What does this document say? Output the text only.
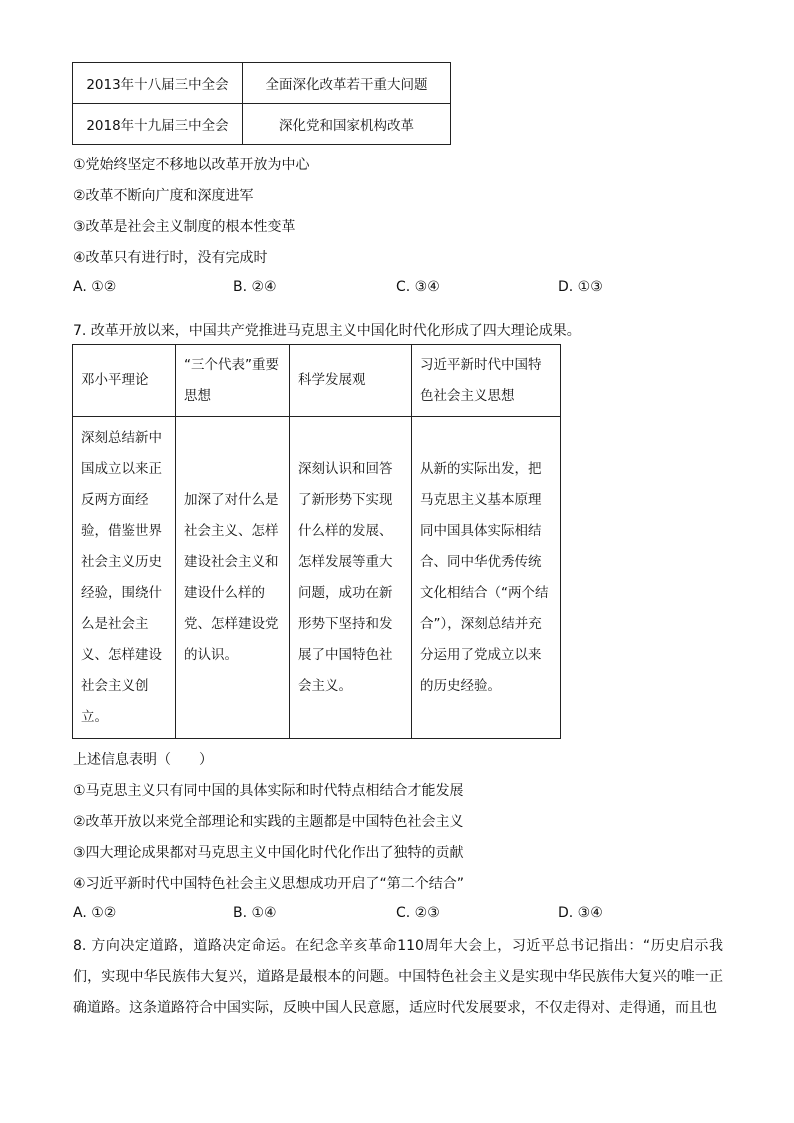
2013年十八届三中全会	全面深化改革若干重大问题
2018年十九届三中全会	深化党和国家机构改革
①党始终坚定不移地以改革开放为中心
②改革不断向广度和深度进军
③改革是社会主义制度的根本性变革
④改革只有进行时，没有完成时
A. ①②	B. ②④	C. ③④	D. ①③
7. 改革开放以来，中国共产党推进马克思主义中国化时代化形成了四大理论成果。
邓小平理论	“三个代表”重要思想	科学发展观	习近平新时代中国特色社会主义思想
深刻总结新中国成立以来正反两方面经验，借鉴世界社会主义历史经验，围绕什么是社会主义、怎样建设社会主义创立。	加深了对什么是社会主义、怎样建设社会主义和建设什么样的党、怎样建设党的认识。	深刻认识和回答了新形势下实现什么样的发展、怎样发展等重大问题，成功在新形势下坚持和发展了中国特色社会主义。	从新的实际出发，把马克思主义基本原理同中国具体实际相结合、同中华优秀传统文化相结合（“两个结合”），深刻总结并充分运用了党成立以来的历史经验。
上述信息表明（　　）
①马克思主义只有同中国的具体实际和时代特点相结合才能发展
②改革开放以来党全部理论和实践的主题都是中国特色社会主义
③四大理论成果都对马克思主义中国化时代化作出了独特的贡献
④习近平新时代中国特色社会主义思想成功开启了“第二个结合”
A. ①②	B. ①④	C. ②③	D. ③④
8. 方向决定道路，道路决定命运。在纪念辛亥革命110周年大会上，习近平总书记指出：“历史启示我们，实现中华民族伟大复兴，道路是最根本的问题。中国特色社会主义是实现中华民族伟大复兴的唯一正确道路。这条道路符合中国实际，反映中国人民意愿，适应时代发展要求，不仅走得对、走得通，而且也
